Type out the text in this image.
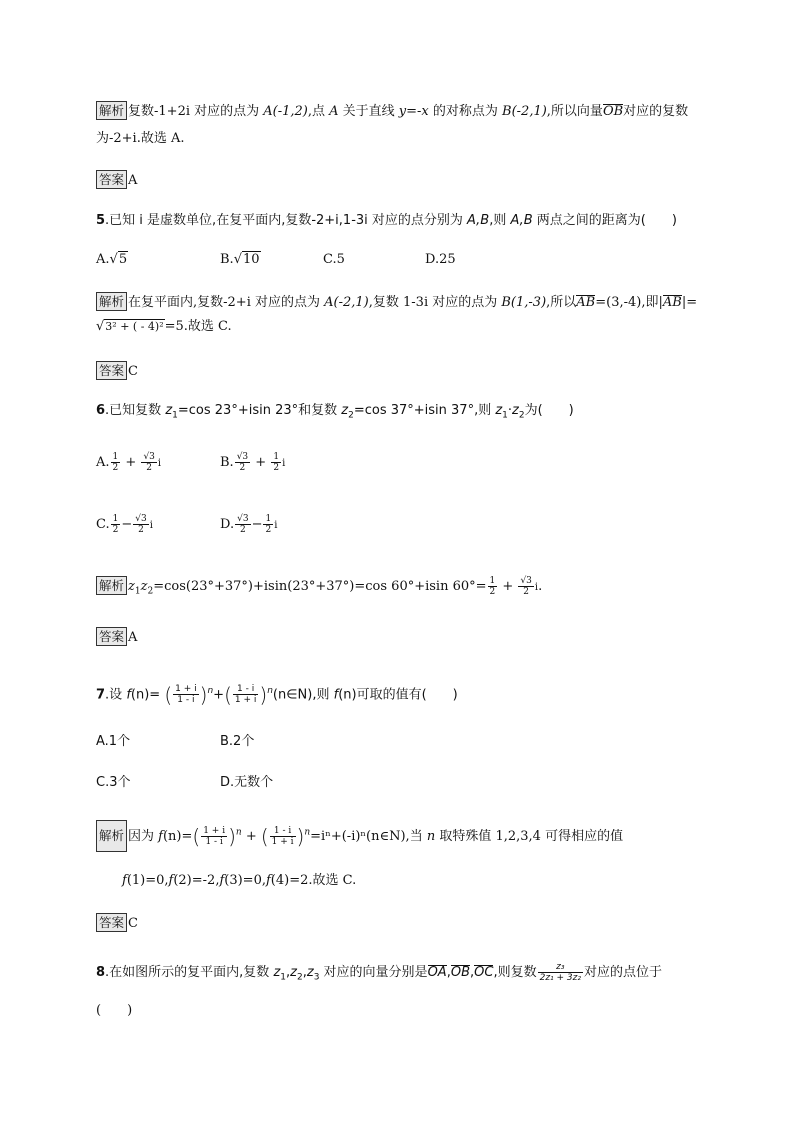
解析 复数-1+2i 对应的点为 A(-1,2),点 A 关于直线 y=-x 的对称点为 B(-2,1),所以向量OB对应的复数
为-2+i.故选 A.
答案 A
5.已知 i 是虚数单位,在复平面内,复数-2+i,1-3i 对应的点分别为 A,B,则 A,B 两点之间的距离为(　　)
A.√5	B.√10	C.5	D.25
解析 在复平面内,复数-2+i 对应的点为 A(-2,1),复数 1-3i 对应的点为 B(1,-3),所以AB=(3,-4),即|AB|=
√3² + ( - 4)²=5.故选 C.
答案 C
6.已知复数 $z_1=\cos$ 23°+isin 23°和复数 $z_2=\cos$ 37°+isin 37°,则 $z_1\cdot z_2$为(　　)
A. $\frac{1}{2} + \frac{√3}{2}$ i	B. $\frac{√3}{2} + \frac{1}{2}$ i
C. $\frac{1}{2} - \frac{√3}{2}$ i	D. $\frac{√3}{2} - \frac{1}{2}$ i
解析 $z_1z_2=\cos(23^\circ+37^\circ)+isin(23^\circ+37^\circ)=\cos$ 60°+isin $60^\circ= \frac{1}{2} + \frac{√3}{2} i$.
答案 A
7.设 f(n)= ( $\frac{1 + i}{1 - i} )^n+( \frac{1 - i}{1 + i}$ )$^n(n\in N)$,则 f(n)可取的值有(　　)
A.1个	B.2个
C.3个	D.无数个
解析 因为 $f(n)=( \frac{1 + i}{1 - i} )^n$ + ( $\frac{1 - i}{1 + i}$ )$^n$=iⁿ+(-i)ⁿ(n∈N),当 n 取特殊值 1,2,3,4 可得相应的值
f(1)=0,f(2)=-2,f(3)=0,f(4)=2.故选 C.
答案 C
8.在如图所示的复平面内,复数 $z_1,z_2,z_3$ 对应的向量分别是OA,OB,OC,则复数 $\frac{\text{z₃}}{\text{2z₁ + 3z₂}}$ 对应的点位于
(　　)
